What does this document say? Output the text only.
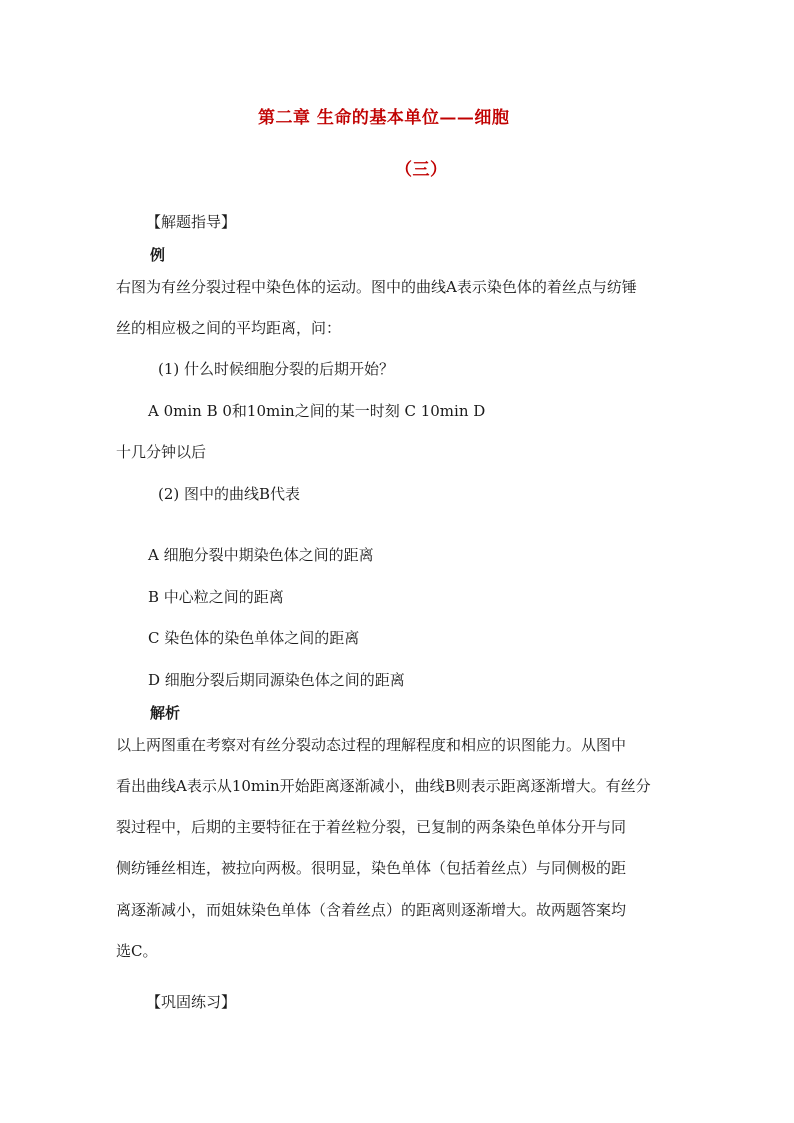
第二章 生命的基本单位——细胞
（三）
【解题指导】
例
右图为有丝分裂过程中染色体的运动。图中的曲线A表示染色体的着丝点与纺锤
丝的相应极之间的平均距离，问：
(1) 什么时候细胞分裂的后期开始？
A 0min B 0和10min之间的某一时刻 C 10min D
十几分钟以后
(2) 图中的曲线B代表
A 细胞分裂中期染色体之间的距离
B 中心粒之间的距离
C 染色体的染色单体之间的距离
D 细胞分裂后期同源染色体之间的距离
解析
以上两图重在考察对有丝分裂动态过程的理解程度和相应的识图能力。从图中
看出曲线A表示从10min开始距离逐渐减小，曲线B则表示距离逐渐增大。有丝分
裂过程中，后期的主要特征在于着丝粒分裂，已复制的两条染色单体分开与同
侧纺锤丝相连，被拉向两极。很明显，染色单体（包括着丝点）与同侧极的距
离逐渐减小，而姐妹染色单体（含着丝点）的距离则逐渐增大。故两题答案均
选C。
【巩固练习】
